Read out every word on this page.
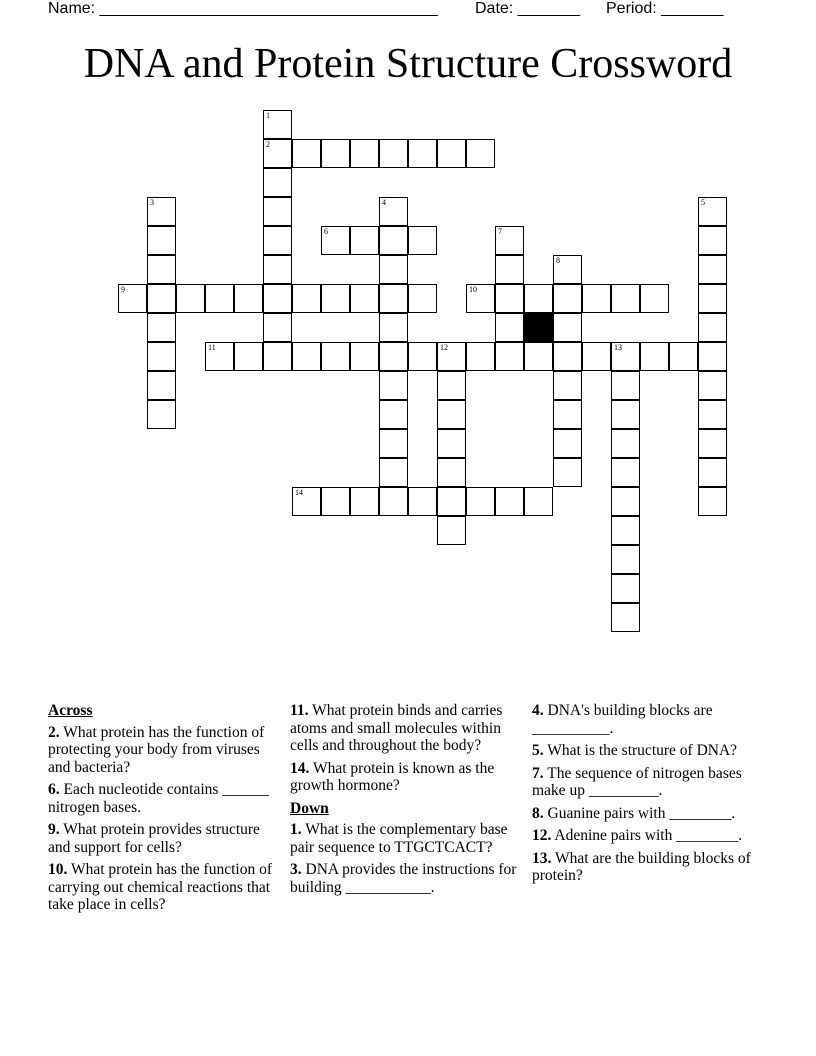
Name: ______________________________________ Date: _______ Period: _______
DNA and Protein Structure Crossword
1
2
3	4	5
6	7
8
9	10
11	12	13
14
Across
2. What protein has the function of protecting your body from viruses and bacteria?
6. Each nucleotide contains ______ nitrogen bases.
9. What protein provides structure and support for cells?
10. What protein has the function of carrying out chemical reactions that take place in cells?
11. What protein binds and carries atoms and small molecules within cells and throughout the body?
14. What protein is known as the growth hormone?
Down
1. What is the complementary base pair sequence to TTGCTCACT?
3. DNA provides the instructions for building ___________.
4. DNA's building blocks are __________.
5. What is the structure of DNA?
7. The sequence of nitrogen bases make up _________.
8. Guanine pairs with ________.
12. Adenine pairs with ________.
13. What are the building blocks of protein?
